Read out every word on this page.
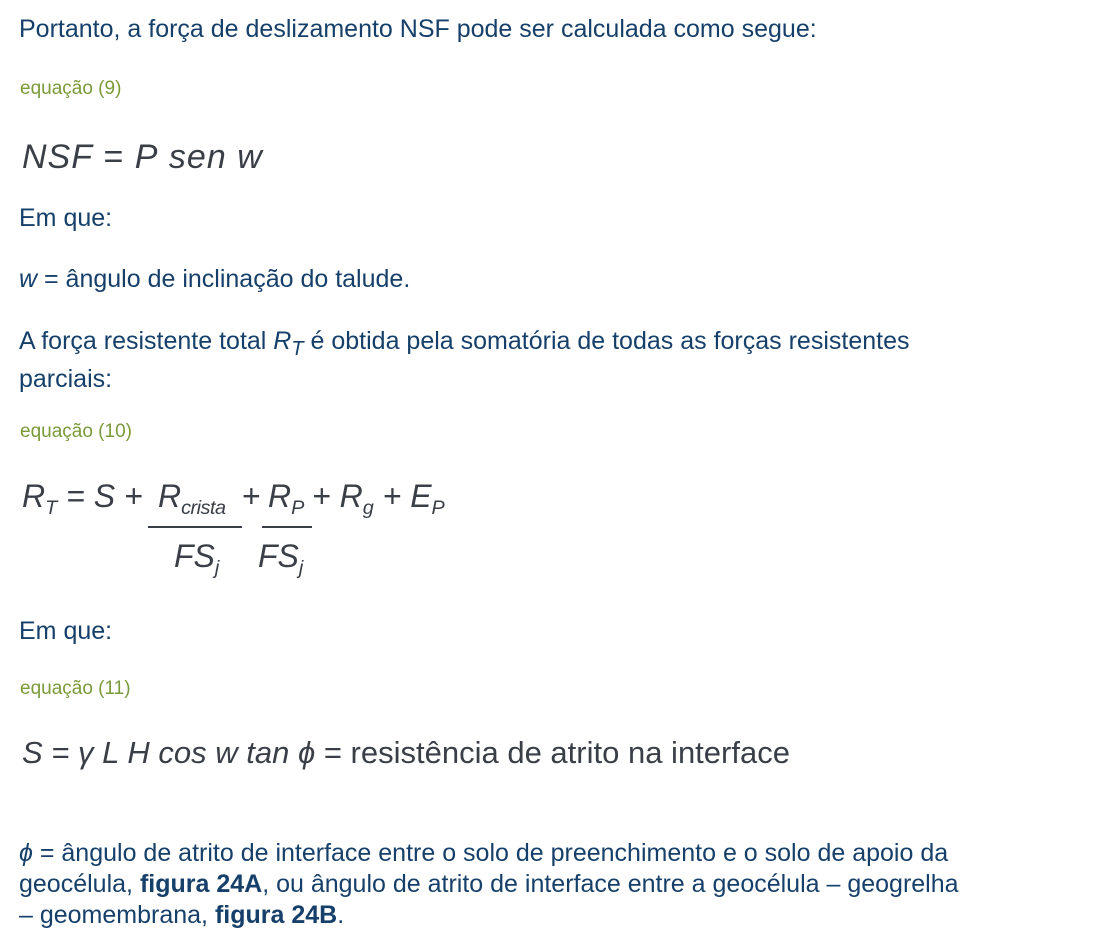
Portanto, a força de deslizamento NSF pode ser calculada como segue:
equação (9)
NSF = P sen w
Em que:
w = ângulo de inclinação do talude.
A força resistente total $R_T$ é obtida pela somatória de todas as forças resistentes
parciais:
equação (10)
$R_T = S + R_{crista} + R_P + R_g + E_P$
$FS_j$ $FS_j$
Em que:
equação (11)
S = γ L H cos w tan ϕ = resistência de atrito na interface
ϕ = ângulo de atrito de interface entre o solo de preenchimento e o solo de apoio da
geocélula, figura 24A, ou ângulo de atrito de interface entre a geocélula – geogrelha
– geomembrana, figura 24B.
